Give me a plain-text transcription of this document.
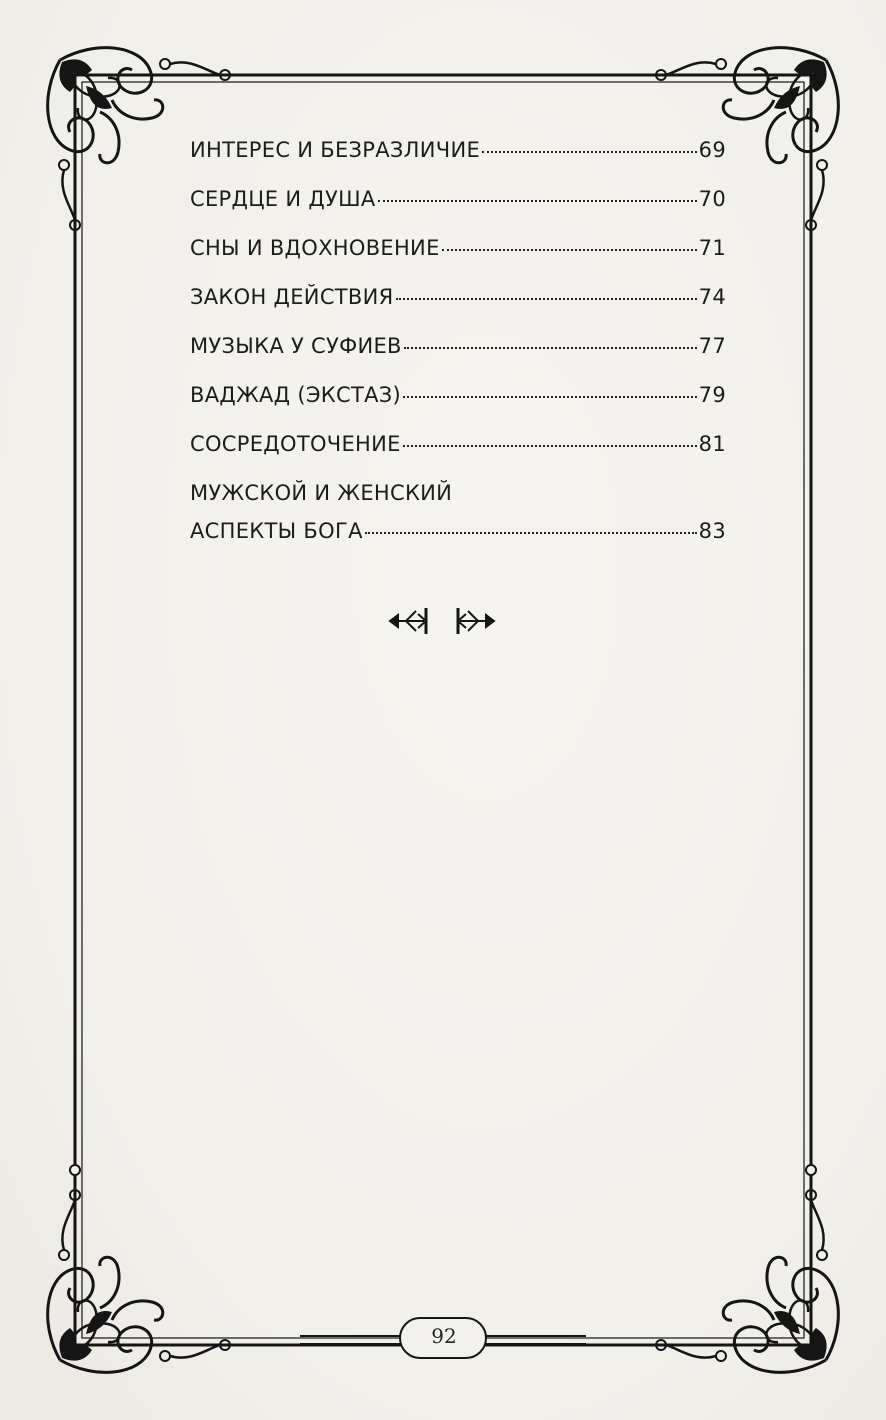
ИНТЕРЕС И БЕЗРАЗЛИЧИЕ	69
СЕРДЦЕ И ДУША	70
СНЫ И ВДОХНОВЕНИЕ	71
ЗАКОН ДЕЙСТВИЯ	74
МУЗЫКА У СУФИЕВ	77
ВАДЖАД (ЭКСТАЗ)	79
СОСРЕДОТОЧЕНИЕ	81
МУЖСКОЙ И ЖЕНСКИЙ
АСПЕКТЫ БОГА	83
92
